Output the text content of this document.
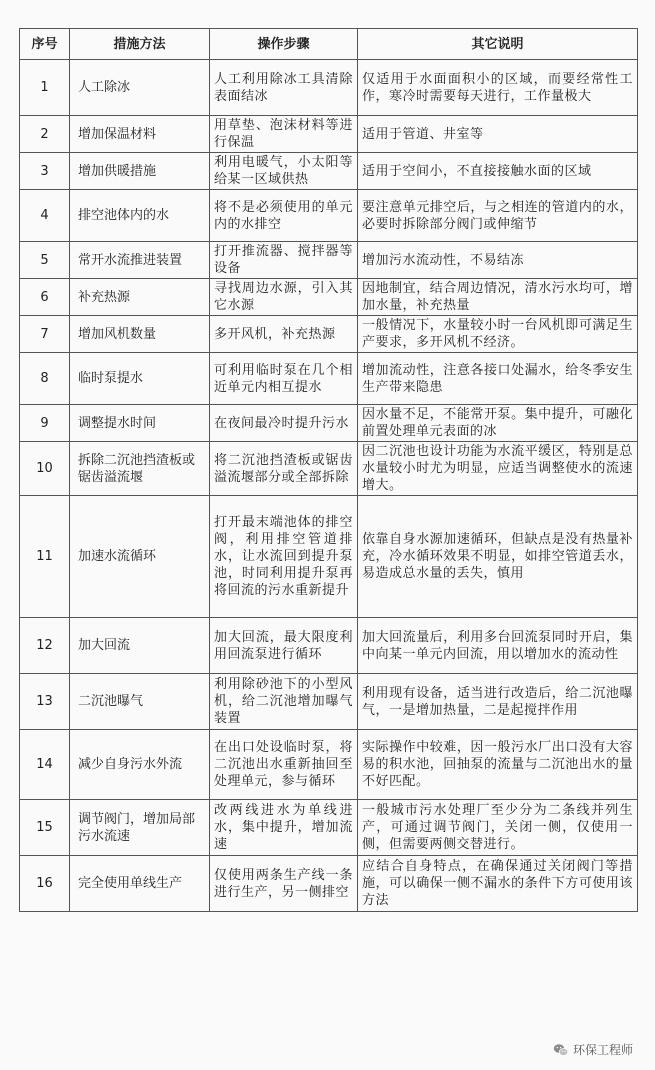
序号	措施方法	操作步骤	其它说明
1	人工除冰	人工利用除冰工具清除表面结冰	仅适用于水面面积小的区域，而要经常性工作，寒冷时需要每天进行，工作量极大
2	增加保温材料	用草垫、泡沫材料等进行保温	适用于管道、井室等
3	增加供暖措施	利用电暖气，小太阳等给某一区域供热	适用于空间小，不直接接触水面的区域
4	排空池体内的水	将不是必须使用的单元内的水排空	要注意单元排空后，与之相连的管道内的水，必要时拆除部分阀门或伸缩节
5	常开水流推进装置	打开推流器、搅拌器等设备	增加污水流动性，不易结冻
6	补充热源	寻找周边水源，引入其它水源	因地制宜，结合周边情况，清水污水均可，增加水量，补充热量
7	增加风机数量	多开风机，补充热源	一般情况下，水量较小时一台风机即可满足生产要求，多开风机不经济。
8	临时泵提水	可利用临时泵在几个相近单元内相互提水	增加流动性，注意各接口处漏水，给冬季安生生产带来隐患
9	调整提水时间	在夜间最冷时提升污水	因水量不足，不能常开泵。集中提升，可融化前置处理单元表面的冰
10	拆除二沉池挡渣板或锯齿溢流堰	将二沉池挡渣板或锯齿溢流堰部分或全部拆除	因二沉池也设计功能为水流平缓区，特别是总水量较小时尤为明显，应适当调整使水的流速增大。
11	加速水流循环	打开最末端池体的排空阀，利用排空管道排水，让水流回到提升泵池，时同利用提升泵再将回流的污水重新提升	依靠自身水源加速循环，但缺点是没有热量补充，冷水循环效果不明显，如排空管道丢水，易造成总水量的丢失，慎用
12	加大回流	加大回流，最大限度利用回流泵进行循环	加大回流量后，利用多台回流泵同时开启，集中向某一单元内回流，用以增加水的流动性
13	二沉池曝气	利用除砂池下的小型风机，给二沉池增加曝气装置	利用现有设备，适当进行改造后，给二沉池曝气，一是增加热量，二是起搅拌作用
14	减少自身污水外流	在出口处设临时泵，将二沉池出水重新抽回至处理单元，参与循环	实际操作中较难，因一般污水厂出口没有大容易的积水池，回抽泵的流量与二沉池出水的量不好匹配。
15	调节阀门，增加局部污水流速	改两线进水为单线进水，集中提升，增加流速	一般城市污水处理厂至少分为二条线并列生产，可通过调节阀门，关闭一侧，仅使用一侧，但需要两侧交替进行。
16	完全使用单线生产	仅使用两条生产线一条进行生产，另一侧排空	应结合自身特点，在确保通过关闭阀门等措施，可以确保一侧不漏水的条件下方可使用该方法
环保工程师
